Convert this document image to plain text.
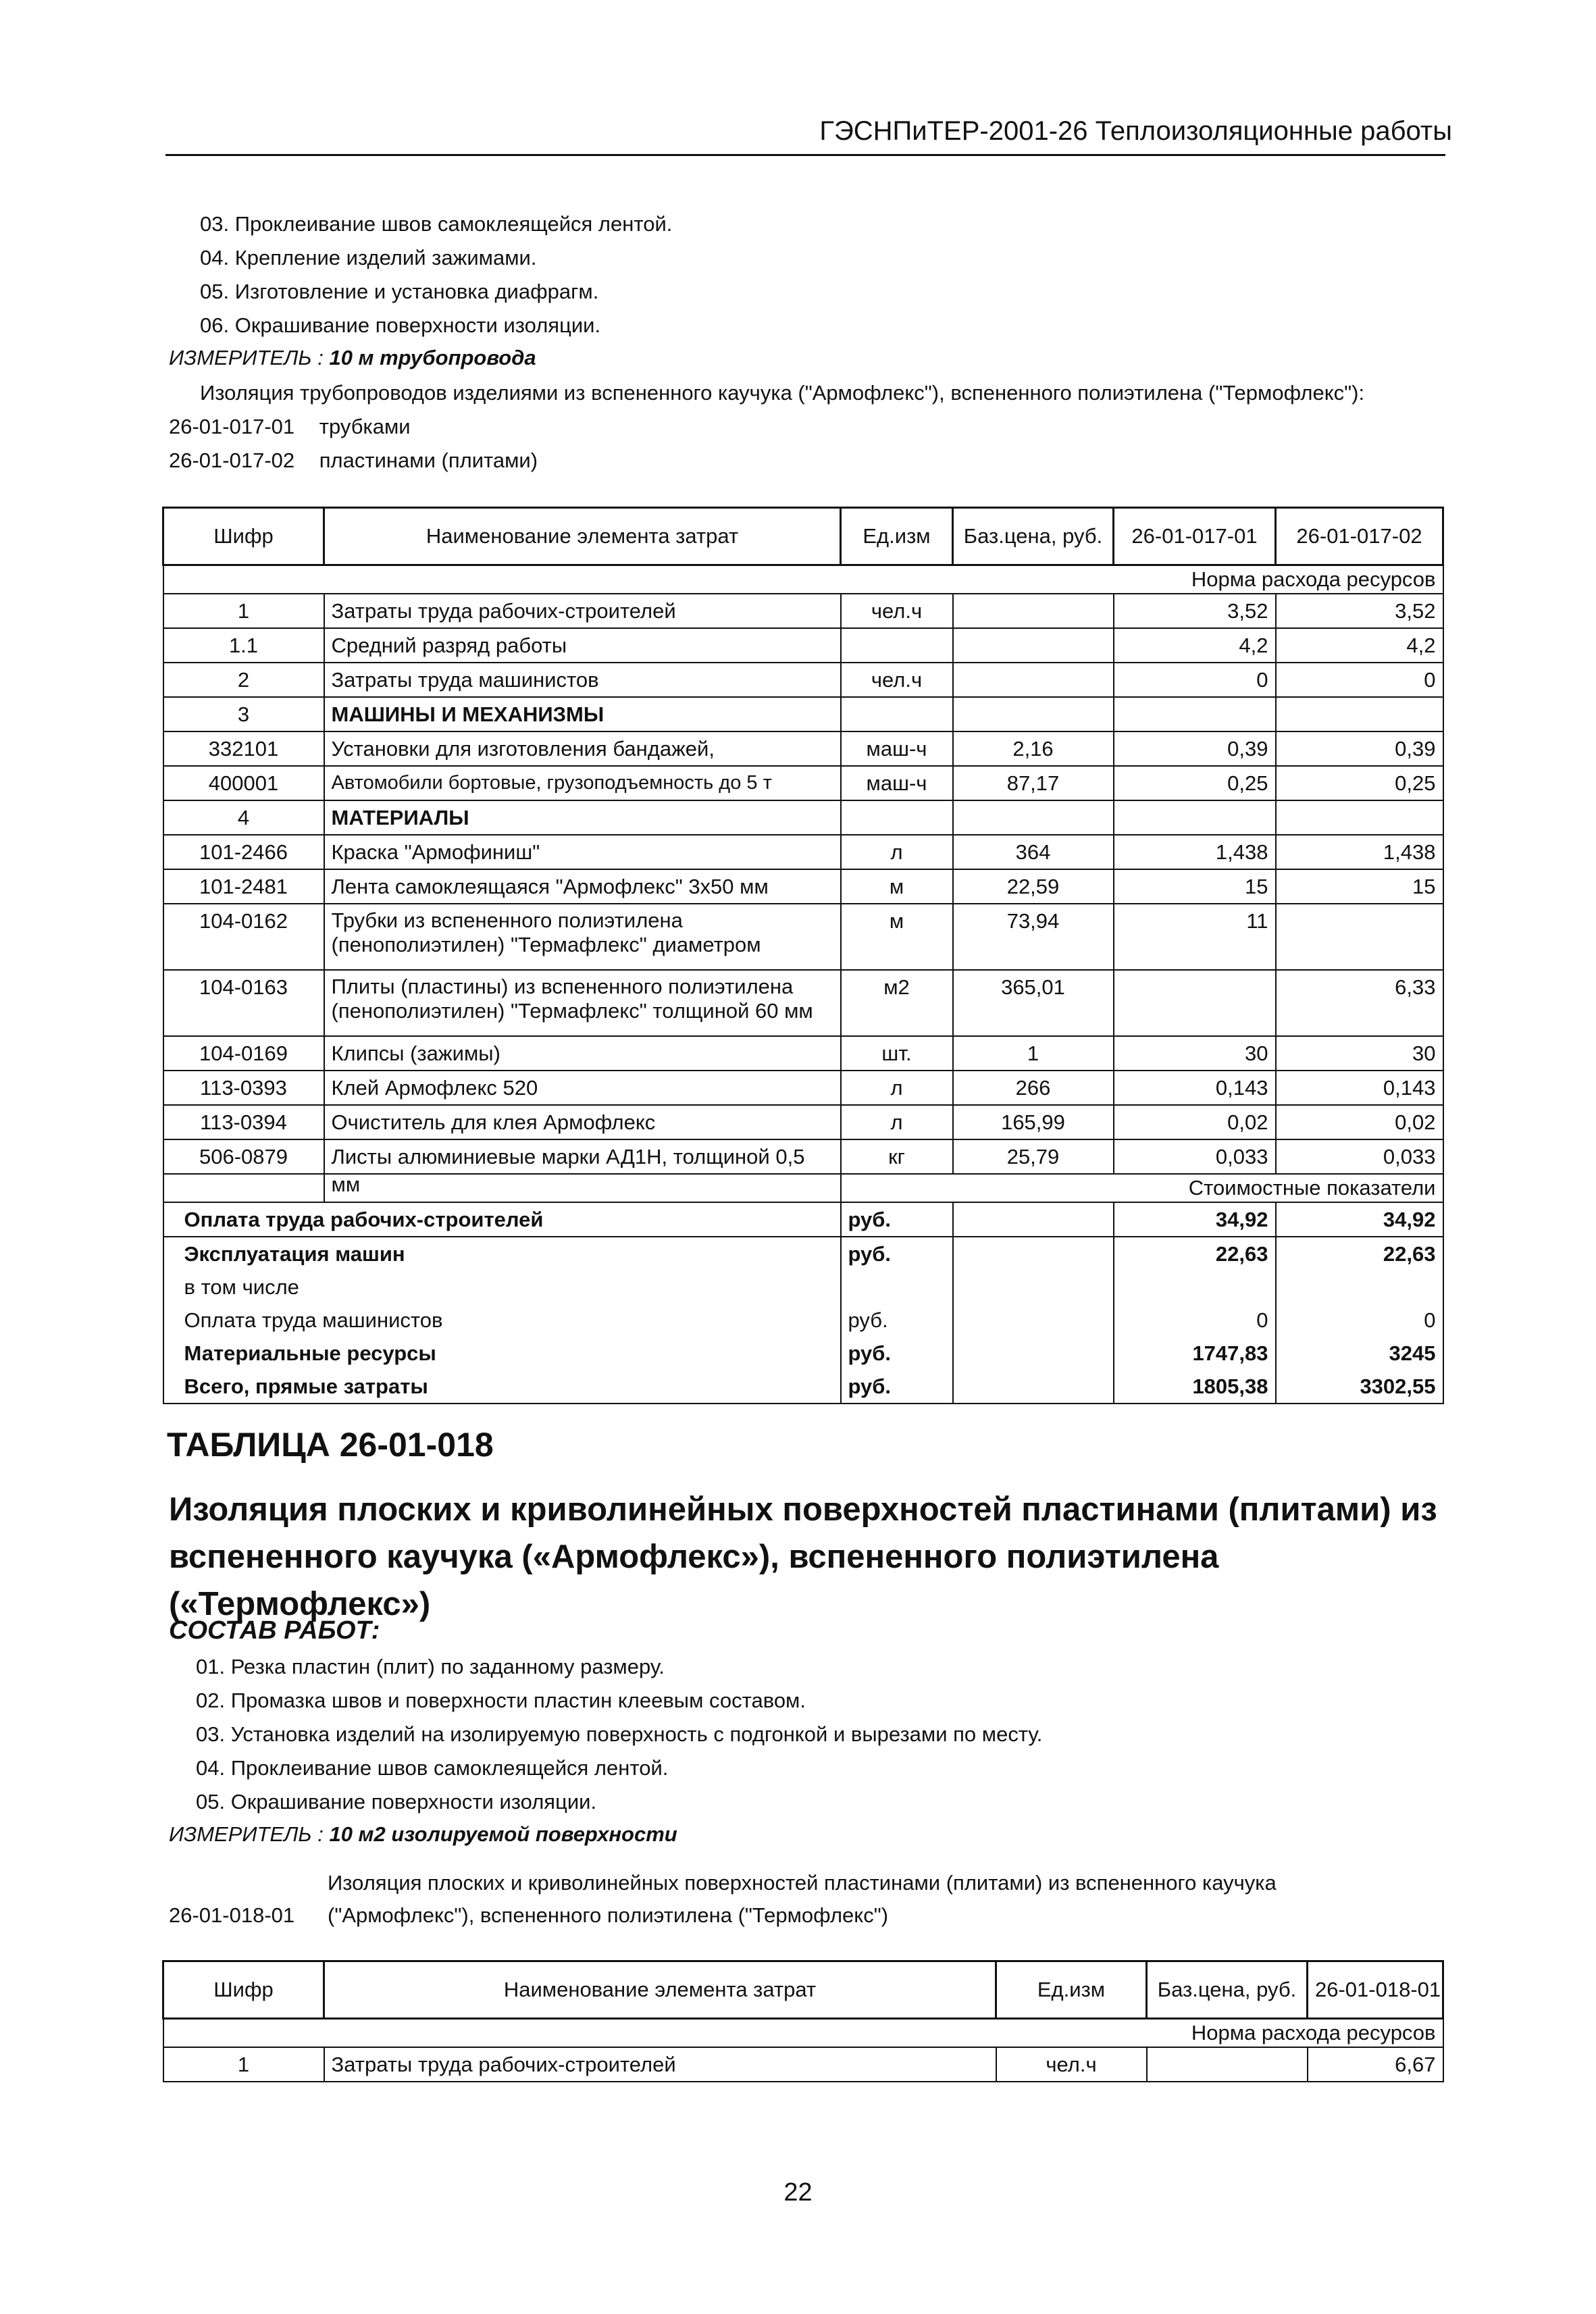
ГЭСНПиТЕР-2001-26 Теплоизоляционные работы
03. Проклеивание швов самоклеящейся лентой.
04. Крепление изделий зажимами.
05. Изготовление и установка диафрагм.
06. Окрашивание поверхности изоляции.
ИЗМЕРИТЕЛЬ : 10 м трубопровода
Изоляция трубопроводов изделиями из вспененного каучука ("Армофлекс"), вспененного полиэтилена ("Термофлекс"):
26-01-017-01 трубками
26-01-017-02 пластинами (плитами)
Шифр	Наименование элемента затрат	Ед.изм	Баз.цена, руб.	26-01-017-01	26-01-017-02
Норма расхода ресурсов					
1	Затраты труда рабочих-строителей	чел.ч		3,52	3,52
1.1	Средний разряд работы			4,2	4,2
2	Затраты труда машинистов	чел.ч		0	0
3	МАШИНЫ И МЕХАНИЗМЫ				
332101	Установки для изготовления бандажей,	маш-ч	2,16	0,39	0,39
400001	Автомобили бортовые, грузоподъемность до 5 т	маш-ч	87,17	0,25	0,25
4	МАТЕРИАЛЫ				
101-2466	Краска "Армофиниш"	л	364	1,438	1,438
101-2481	Лента самоклеящаяся "Армофлекс" 3х50 мм	м	22,59	15	15
104-0162	Трубки из вспененного полиэтилена (пенополиэтилен) "Термафлекс" диаметром	м	73,94	11	
104-0163	Плиты (пластины) из вспененного полиэтилена (пенополиэтилен) "Термафлекс" толщиной 60 мм	м2	365,01		6,33
104-0169	Клипсы (зажимы)	шт.	1	30	30
113-0393	Клей Армофлекс 520	л	266	0,143	0,143
113-0394	Очиститель для клея Армофлекс	л	165,99	0,02	0,02
506-0879	Листы алюминиевые марки АД1Н, толщиной 0,5	кг	25,79	0,033	0,033
	мм	Стоимостные показатели			
Оплата труда рабочих-строителей		руб.		34,92	34,92
Эксплуатация машин		руб.		22,63	22,63
в том числе					
Оплата труда машинистов		руб.		0	0
Материальные ресурсы		руб.		1747,83	3245
Всего, прямые затраты		руб.		1805,38	3302,55
ТАБЛИЦА 26-01-018
Изоляция плоских и криволинейных поверхностей пластинами (плитами) из вспененного каучука («Армофлекс»), вспененного полиэтилена («Термофлекс»)
СОСТАВ РАБОТ:
01. Резка пластин (плит) по заданному размеру.
02. Промазка швов и поверхности пластин клеевым составом.
03. Установка изделий на изолируемую поверхность с подгонкой и вырезами по месту.
04. Проклеивание швов самоклеящейся лентой.
05. Окрашивание поверхности изоляции.
ИЗМЕРИТЕЛЬ : 10 м2 изолируемой поверхности
Изоляция плоских и криволинейных поверхностей пластинами (плитами) из вспененного каучука
26-01-018-01 ("Армофлекс"), вспененного полиэтилена ("Термофлекс")
Шифр	Наименование элемента затрат	Ед.изм	Баз.цена, руб.	26-01-018-01
Норма расхода ресурсов				
1	Затраты труда рабочих-строителей	чел.ч		6,67
22
